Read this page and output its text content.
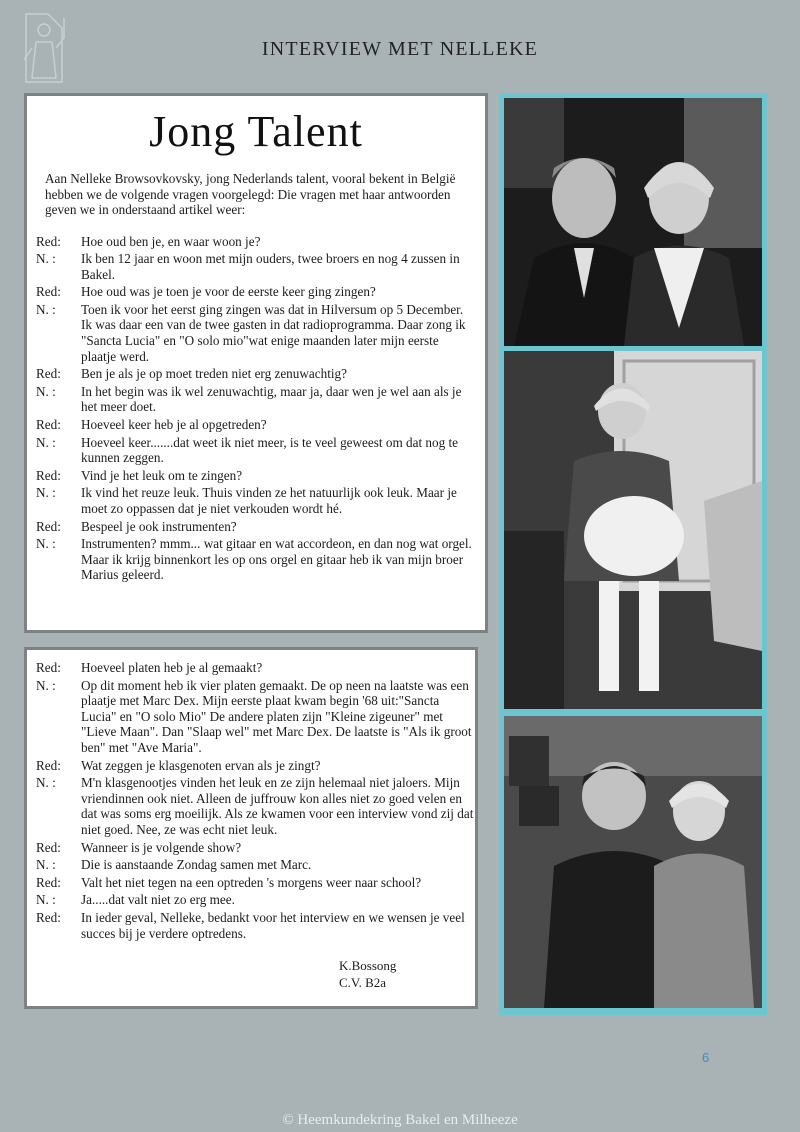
INTERVIEW MET NELLEKE
Jong Talent
Aan Nelleke Browsovkovsky, jong Nederlands talent, vooral bekent in België hebben we de volgende vragen voorgelegd: Die vragen met haar antwoorden geven we in onderstaand artikel weer:
Red:	Hoe oud ben je, en waar woon je?
N. :	Ik ben 12 jaar en woon met mijn ouders, twee broers en nog 4 zussen in Bakel.
Red:	Hoe oud was je toen je voor de eerste keer ging zingen?
N. :	Toen ik voor het eerst ging zingen was dat in Hilversum op 5 December. Ik was daar een van de twee gasten in dat radioprogramma. Daar zong ik "Sancta Lucia" en "O solo mio"wat enige maanden later mijn eerste plaatje werd.
Red:	Ben je als je op moet treden niet erg zenuwachtig?
N. :	In het begin was ik wel zenuwachtig, maar ja, daar wen je wel aan als je het meer doet.
Red:	Hoeveel keer heb je al opgetreden?
N. :	Hoeveel keer.......dat weet ik niet meer, is te veel geweest om dat nog te kunnen zeggen.
Red:	Vind je het leuk om te zingen?
N. :	Ik vind het reuze leuk. Thuis vinden ze het natuurlijk ook leuk. Maar je moet zo oppassen dat je niet verkouden wordt hé.
Red:	Bespeel je ook instrumenten?
N. :	Instrumenten? mmm... wat gitaar en wat accordeon, en dan nog wat orgel. Maar ik krijg binnenkort les op ons orgel en gitaar heb ik van mijn broer Marius geleerd.
Red:	Hoeveel platen heb je al gemaakt?
N. :	Op dit moment heb ik vier platen gemaakt. De op neen na laatste was een plaatje met Marc Dex. Mijn eerste plaat kwam begin '68 uit:"Sancta Lucia" en "O solo Mio" De andere platen zijn "Kleine zigeuner" met "Lieve Maan". Dan "Slaap wel" met Marc Dex. De laatste is "Als ik groot ben" met "Ave Maria".
Red:	Wat zeggen je klasgenoten ervan als je zingt?
N. :	M'n klasgenootjes vinden het leuk en ze zijn helemaal niet jaloers. Mijn vriendinnen ook niet. Alleen de juffrouw kon alles niet zo goed velen en dat was soms erg moeilijk. Als ze kwamen voor een interview vond zij dat niet goed. Nee, ze was echt niet leuk.
Red:	Wanneer is je volgende show?
N. :	Die is aanstaande Zondag samen met Marc.
Red:	Valt het niet tegen na een optreden 's morgens weer naar school?
N. :	Ja.....dat valt niet zo erg mee.
Red:	In ieder geval, Nelleke, bedankt voor het interview en we wensen je veel succes bij je verdere optredens.
K.Bossong
C.V. B2a
6
© Heemkundekring Bakel en Milheeze
